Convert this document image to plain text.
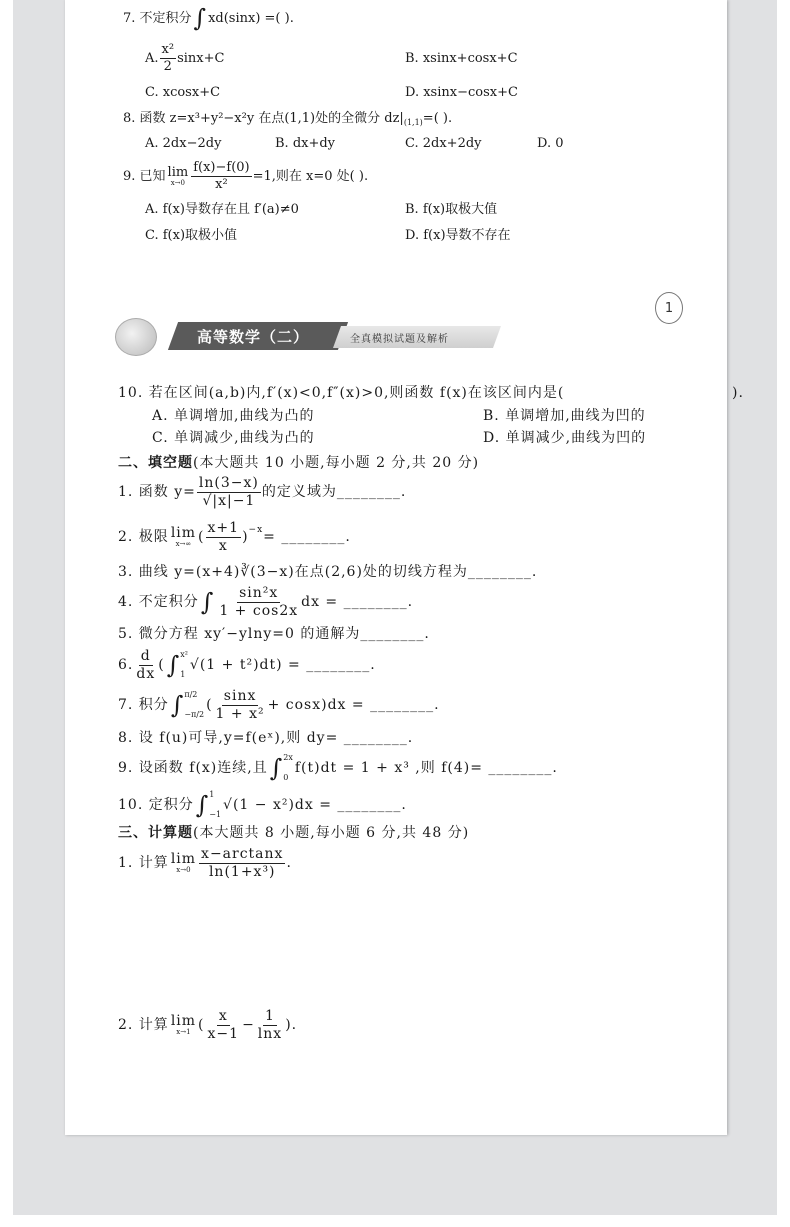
1
高等数学（二）	全真模拟试题及解析
7. 不定积分 ∫ xd(sinx) =( ).
A. $\frac{\text{x²}}{2} \sin x+C$	B. xsinx+cosx+C
C. xcosx+C	D. xsinx−cosx+C
8. 函数 z=x³+y²−x²y 在点(1,1)处的全微分 dz| (1,1) =( ).
A. 2dx−2dy	B. dx+dy	C. 2dx+2dy	D. 0
9. 已知 lim
$x\to 0 \frac{f(x)-f(0)}{\text{x²}} =1$,则在 x=0 处( ).
A. f(x)导数存在且 f′(a)≠0	B. f(x)取极大值
C. f(x)取极小值	D. f(x)导数不存在
10. 若在区间(a,b)内,f′(x)<0,f″(x)>0,则函数 f(x)在该区间内是(	).
A. 单调增加,曲线为凸的	B. 单调增加,曲线为凹的
C. 单调减少,曲线为凸的	D. 单调减少,曲线为凹的
二、填空题 (本大题共 10 小题,每小题 2 分,共 20 分)
1. 函数 $y= \frac{\ln(3-x)}{√|x|-1}$ 的定义域为________.
2. 极限 lim
x→∞ ( $\frac{x+1}{x}$ ) −x = ________.
3. 曲线 y=(x+4)∛(3−x)在点(2,6)处的切线方程为________.
4. 不定积分 ∫ $\frac{\text{sin²x}}{1 + \cos 2x}$ dx = ________.
5. 微分方程 xy′−ylny=0 的通解为________.
6. $\frac{d}{dx}$ ( ∫ x²
1
√(1 + t²)dt) = ________.
7. 积分 ∫ π/2
−π/2
( $\frac{\sin x}{\text{1 + x²}} + \cos x)dx$ = ________.
8. 设 f(u)可导,y=f(eˣ),则 dy= ________.
9. 设函数 f(x)连续,且 ∫ 2x
0
f(t)dt = 1 + x³ ,则 f(4)= ________.
10. 定积分 ∫ 1
−1
√(1 − x²)dx = ________.
三、计算题 (本大题共 8 小题,每小题 6 分,共 48 分)
1. 计算 lim
$x\to 0 \frac{x-\arctan x}{\text{ln(1+x³)}}$ .
2. 计算 lim
x→1 ( $\frac{x}{x-1} - \frac{1}{\ln x}$ ).
